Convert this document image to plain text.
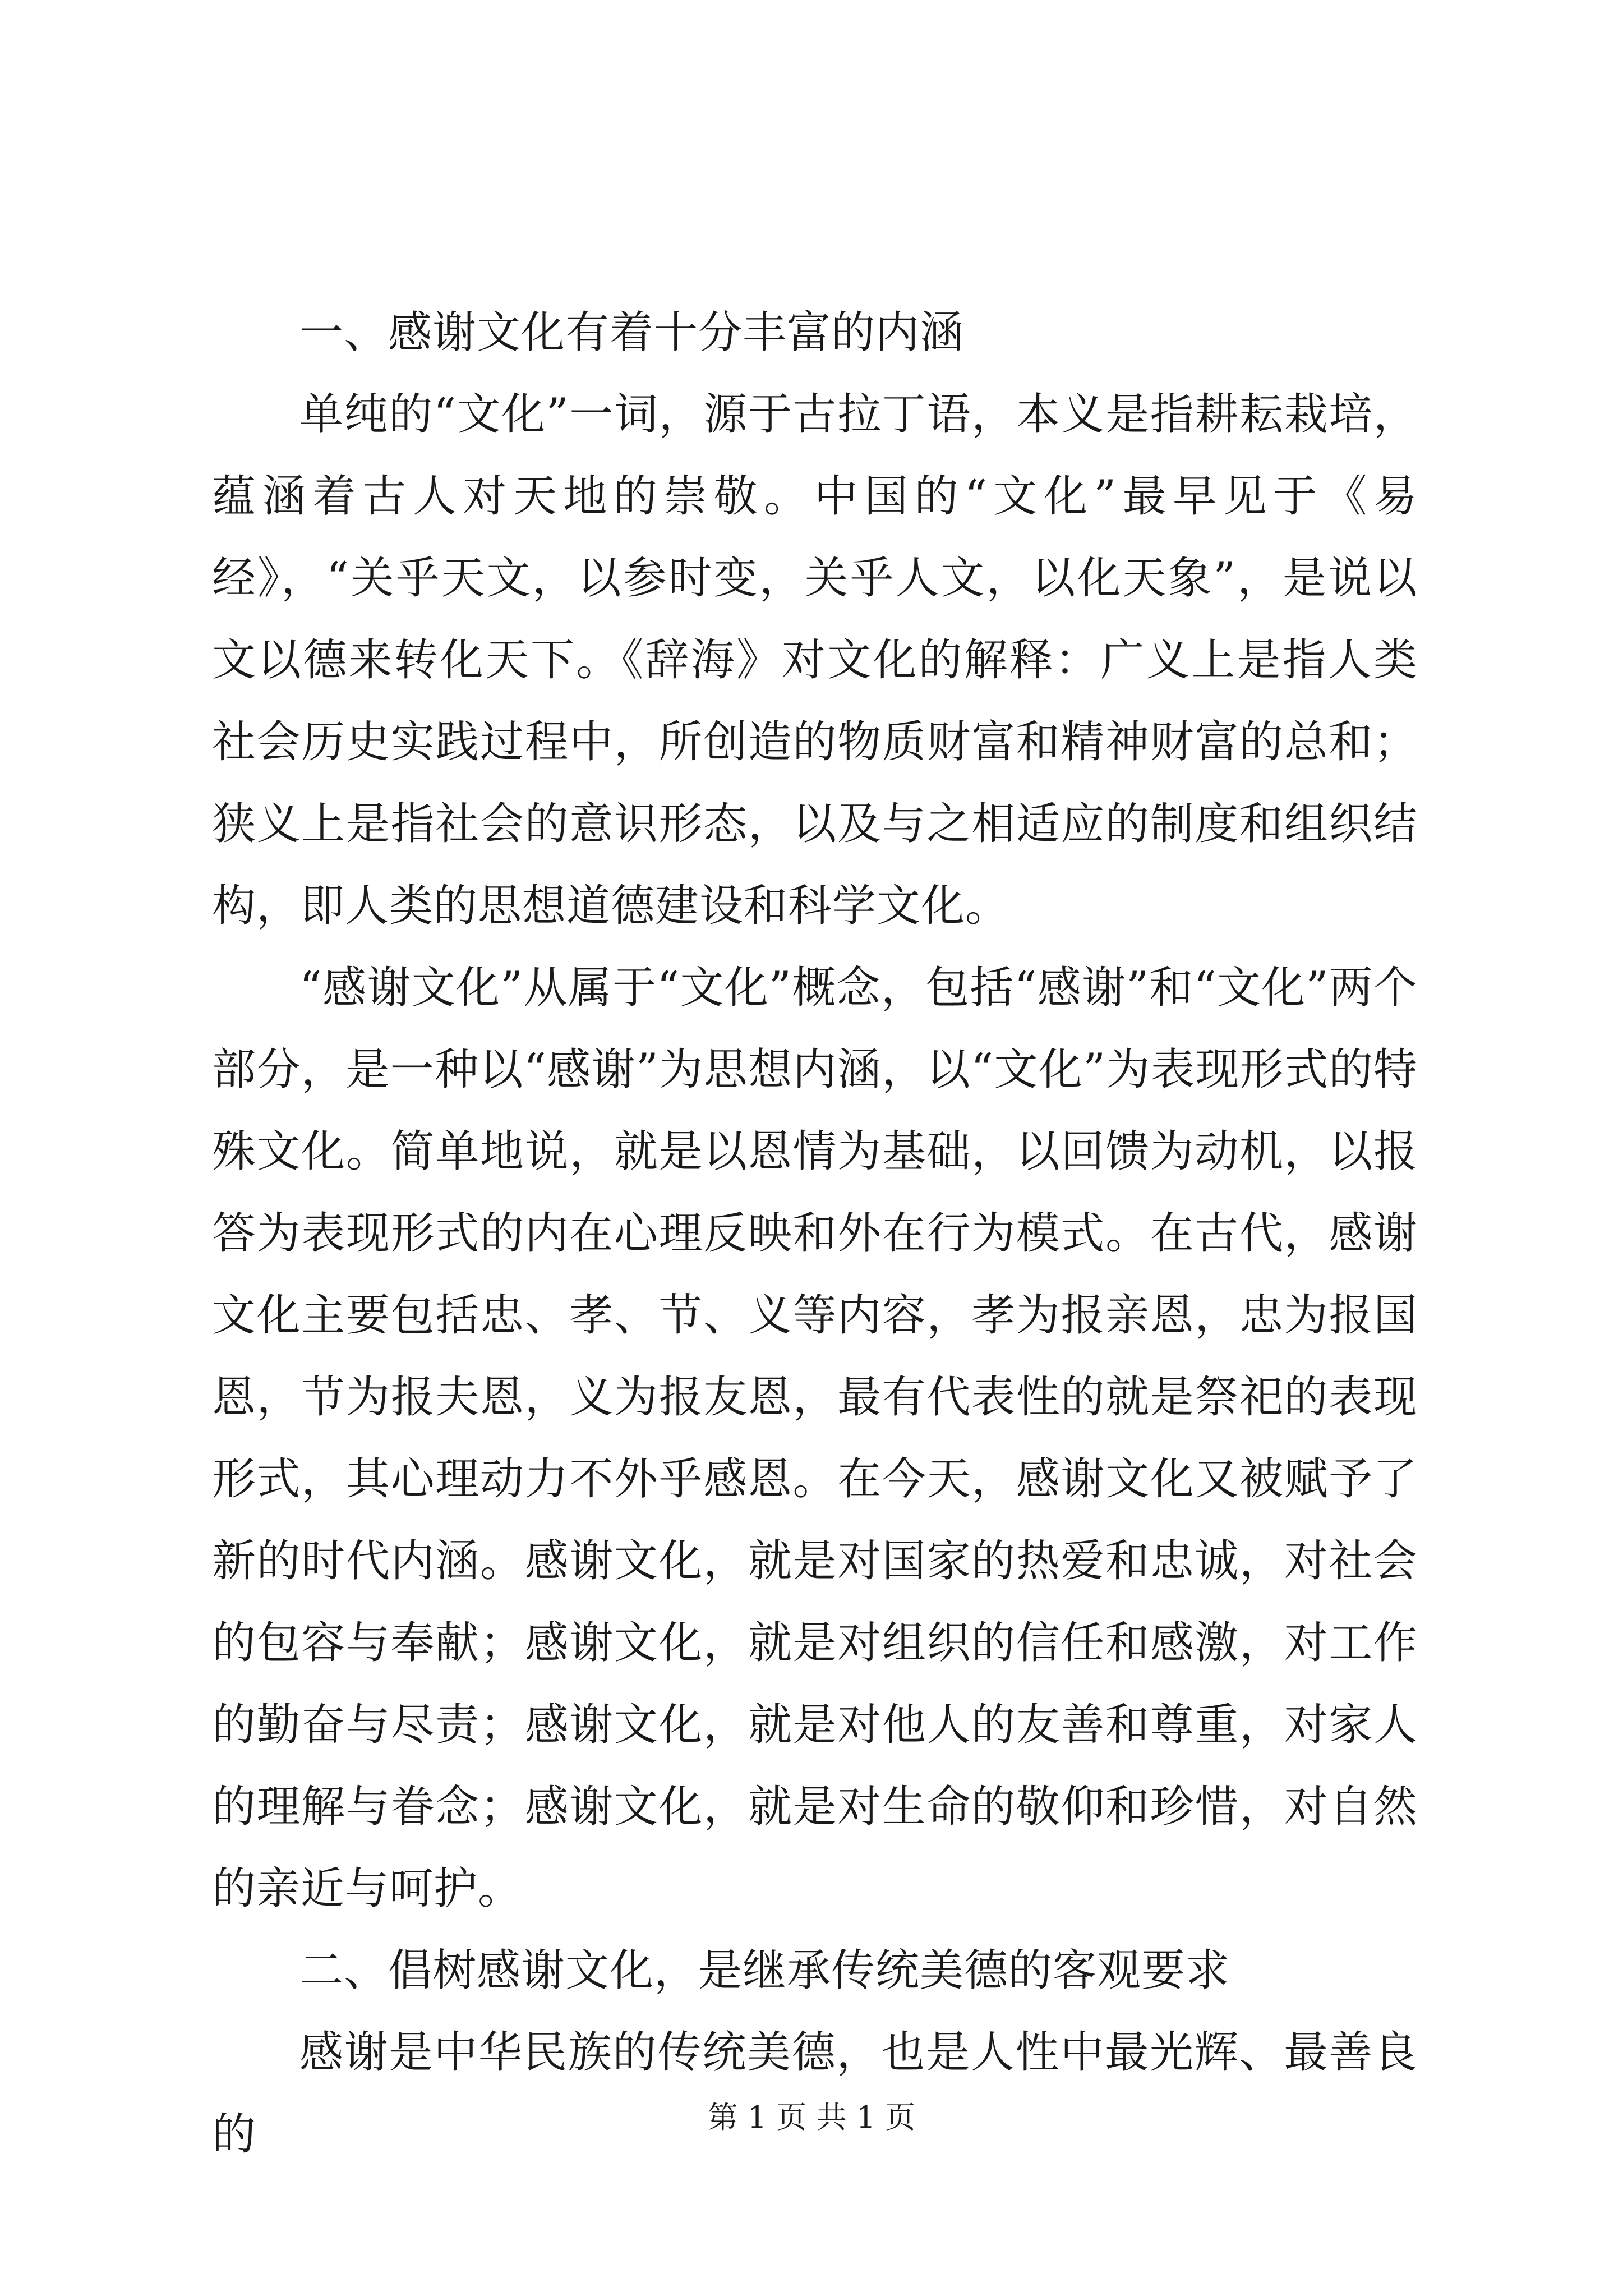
一、感谢文化有着十分丰富的内涵

单纯的“文化”一词，源于古拉丁语，本义是指耕耘栽培，蕴涵着古人对天地的崇敬。中国的“文化”最早见于《易经》，“关乎天文，以参时变，关乎人文，以化天象”，是说以文以德来转化天下。《辞海》对文化的解释：广义上是指人类社会历史实践过程中，所创造的物质财富和精神财富的总和；狭义上是指社会的意识形态，以及与之相适应的制度和组织结构，即人类的思想道德建设和科学文化。

“感谢文化”从属于“文化”概念，包括“感谢”和“文化”两个部分，是一种以“感谢”为思想内涵，以“文化”为表现形式的特殊文化。简单地说，就是以恩情为基础，以回馈为动机，以报答为表现形式的内在心理反映和外在行为模式。在古代，感谢文化主要包括忠、孝、节、义等内容，孝为报亲恩，忠为报国恩，节为报夫恩，义为报友恩，最有代表性的就是祭祀的表现形式，其心理动力不外乎感恩。在今天，感谢文化又被赋予了新的时代内涵。感谢文化，就是对国家的热爱和忠诚，对社会的包容与奉献；感谢文化，就是对组织的信任和感激，对工作的勤奋与尽责；感谢文化，就是对他人的友善和尊重，对家人的理解与眷念；感谢文化，就是对生命的敬仰和珍惜，对自然的亲近与呵护。

二、倡树感谢文化，是继承传统美德的客观要求

感谢是中华民族的传统美德，也是人性中最光辉、最善良的	第 1 页 共 1 页
